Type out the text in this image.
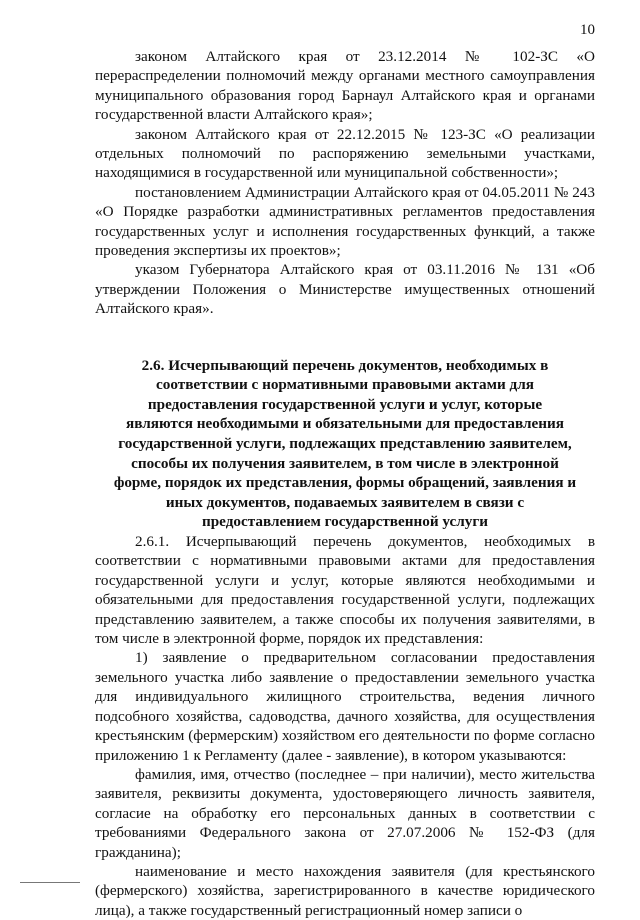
10

законом Алтайского края от 23.12.2014 № 102-ЗС «О перераспределении полномочий между органами местного самоуправления муниципального образования город Барнаул Алтайского края и органами государственной власти Алтайского края»;

законом Алтайского края от 22.12.2015 № 123-ЗС «О реализации отдельных полномочий по распоряжению земельными участками, находящимися в государственной или муниципальной собственности»;

постановлением Администрации Алтайского края от 04.05.2011 № 243 «О Порядке разработки административных регламентов предоставления государственных услуг и исполнения государственных функций, а также проведения экспертизы их проектов»;

указом Губернатора Алтайского края от 03.11.2016 № 131 «Об утверждении Положения о Министерстве имущественных отношений Алтайского края».

2.6. Исчерпывающий перечень документов, необходимых в соответствии с нормативными правовыми актами для предоставления государственной услуги и услуг, которые являются необходимыми и обязательными для предоставления государственной услуги, подлежащих представлению заявителем, способы их получения заявителем, в том числе в электронной форме, порядок их представления, формы обращений, заявления и иных документов, подаваемых заявителем в связи с предоставлением государственной услуги

2.6.1. Исчерпывающий перечень документов, необходимых в соответствии с нормативными правовыми актами для предоставления государственной услуги и услуг, которые являются необходимыми и обязательными для предоставления государственной услуги, подлежащих представлению заявителем, а также способы их получения заявителями, в том числе в электронной форме, порядок их представления:

1) заявление о предварительном согласовании предоставления земельного участка либо заявление о предоставлении земельного участка для индивидуального жилищного строительства, ведения личного подсобного хозяйства, садоводства, дачного хозяйства, для осуществления крестьянским (фермерским) хозяйством его деятельности по форме согласно приложению 1 к Регламенту (далее - заявление), в котором указываются:

фамилия, имя, отчество (последнее – при наличии), место жительства заявителя, реквизиты документа, удостоверяющего личность заявителя, согласие на обработку его персональных данных в соответствии с требованиями Федерального закона от 27.07.2006 № 152-ФЗ (для гражданина);

наименование и место нахождения заявителя (для крестьянского (фермерского) хозяйства, зарегистрированного в качестве юридического лица), а также государственный регистрационный номер записи о
